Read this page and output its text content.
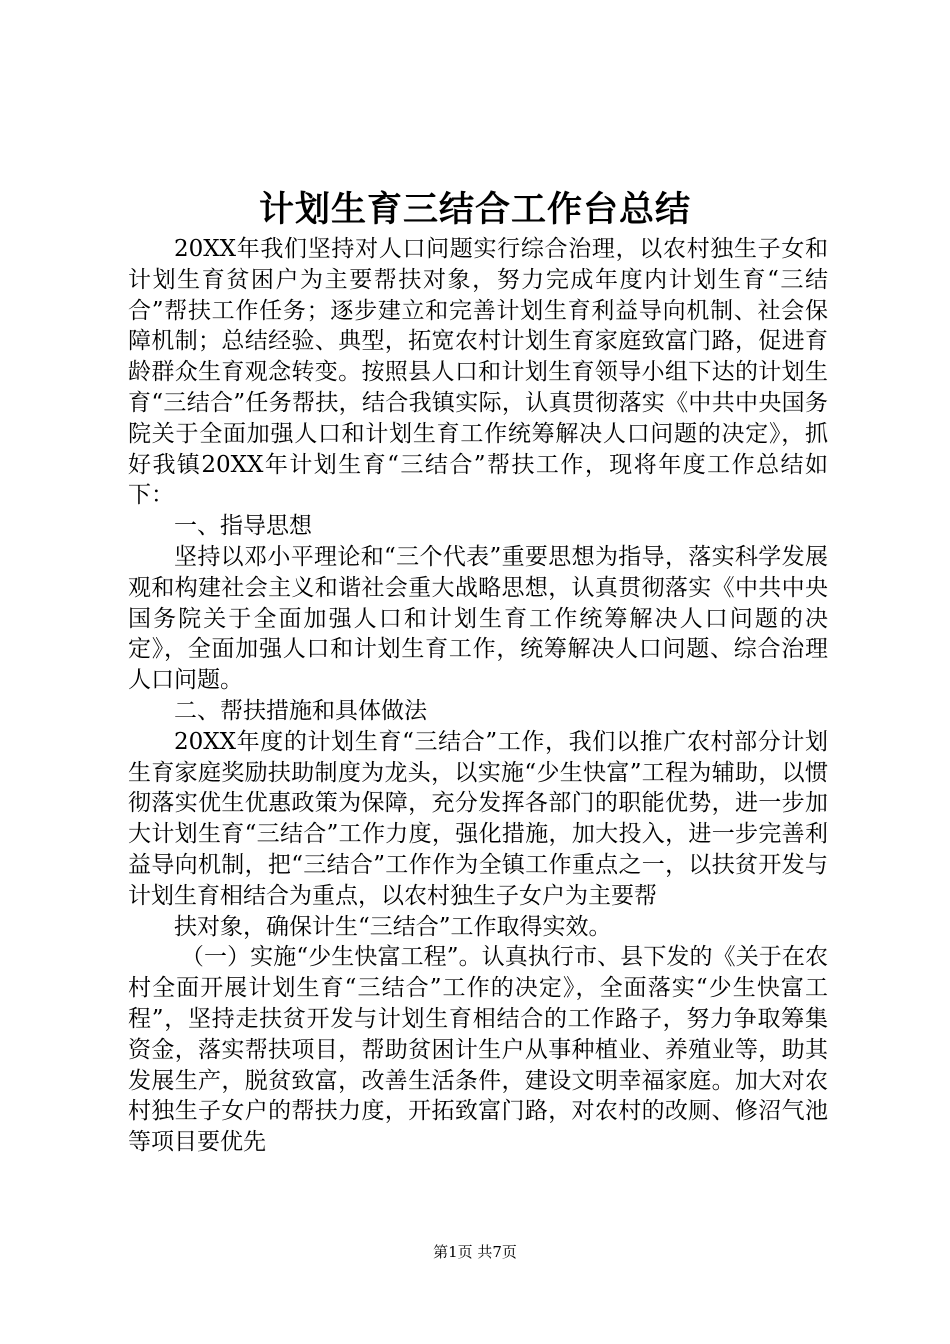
计划生育三结合工作台总结

20XX年我们坚持对人口问题实行综合治理，以农村独生子女和计划生育贫困户为主要帮扶对象，努力完成年度内计划生育“三结合”帮扶工作任务；逐步建立和完善计划生育利益导向机制、社会保障机制；总结经验、典型，拓宽农村计划生育家庭致富门路，促进育龄群众生育观念转变。按照县人口和计划生育领导小组下达的计划生育“三结合”任务帮扶，结合我镇实际，认真贯彻落实《中共中央国务院关于全面加强人口和计划生育工作统筹解决人口问题的决定》，抓好我镇20XX年计划生育“三结合”帮扶工作，现将年度工作总结如下：

一、指导思想

坚持以邓小平理论和“三个代表”重要思想为指导，落实科学发展观和构建社会主义和谐社会重大战略思想，认真贯彻落实《中共中央国务院关于全面加强人口和计划生育工作统筹解决人口问题的决定》，全面加强人口和计划生育工作，统筹解决人口问题、综合治理人口问题。

二、帮扶措施和具体做法

20XX年度的计划生育“三结合”工作，我们以推广农村部分计划生育家庭奖励扶助制度为龙头，以实施“少生快富”工程为辅助，以惯彻落实优生优惠政策为保障，充分发挥各部门的职能优势，进一步加大计划生育“三结合”工作力度，强化措施，加大投入，进一步完善利益导向机制，把“三结合”工作作为全镇工作重点之一，以扶贫开发与计划生育相结合为重点，以农村独生子女户为主要帮

扶对象，确保计生“三结合”工作取得实效。

（一）实施“少生快富工程”。认真执行市、县下发的《关于在农村全面开展计划生育“三结合”工作的决定》，全面落实“少生快富工程”，坚持走扶贫开发与计划生育相结合的工作路子，努力争取筹集资金，落实帮扶项目，帮助贫困计生户从事种植业、养殖业等，助其发展生产，脱贫致富，改善生活条件，建设文明幸福家庭。加大对农村独生子女户的帮扶力度，开拓致富门路，对农村的改厕、修沼气池等项目要优先

第1页 共7页
